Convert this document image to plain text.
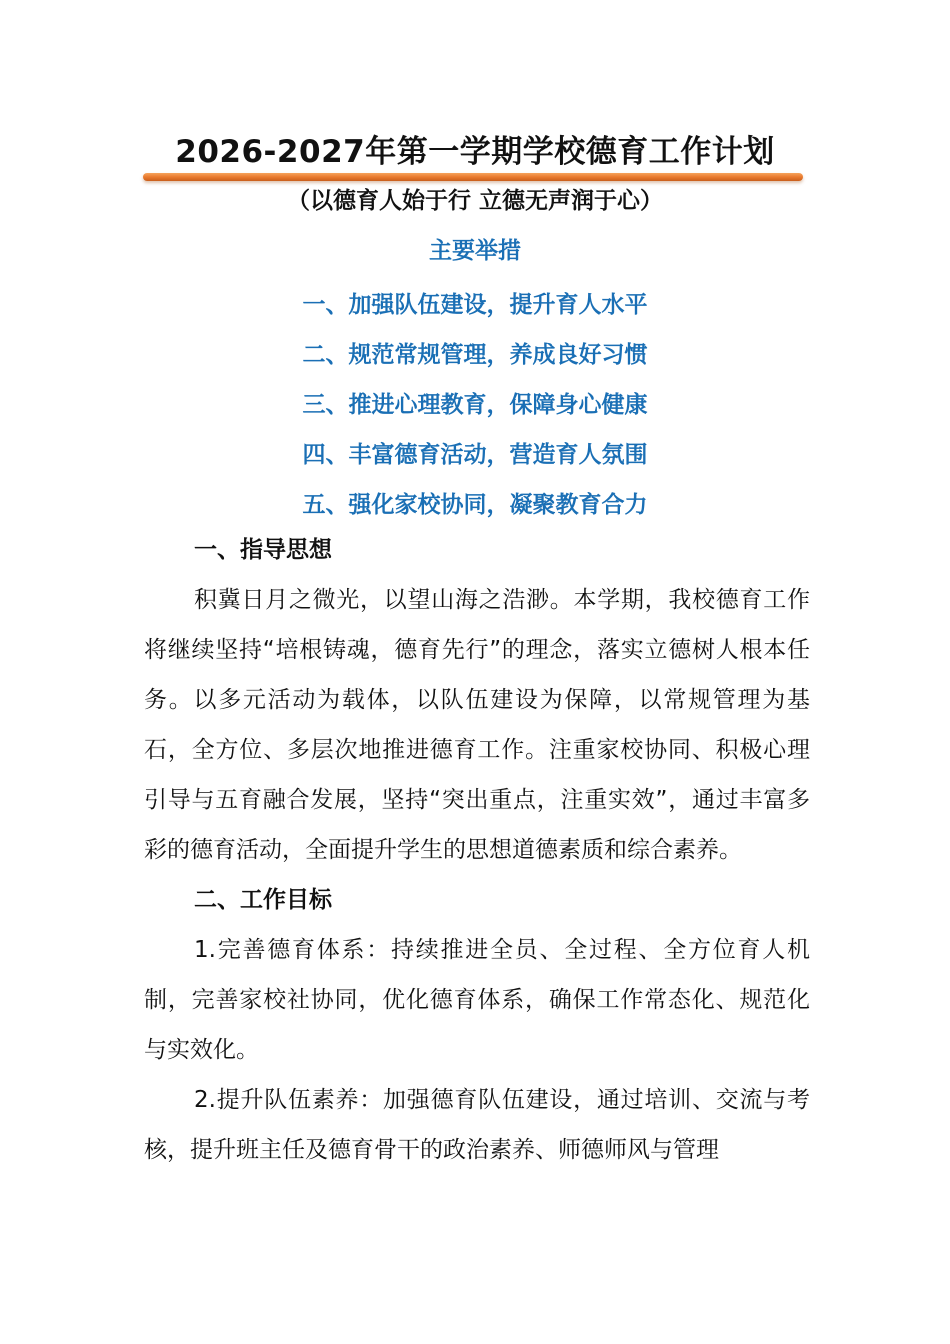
2026-2027年第一学期学校德育工作计划
（以德育人始于行 立德无声润于心）
主要举措
一、加强队伍建设，提升育人水平
二、规范常规管理，养成良好习惯
三、推进心理教育，保障身心健康
四、丰富德育活动，营造育人氛围
五、强化家校协同，凝聚教育合力
一、指导思想

积冀日月之微光，以望山海之浩渺。本学期，我校德育工作将继续坚持“培根铸魂，德育先行”的理念，落实立德树人根本任务。以多元活动为载体，以队伍建设为保障，以常规管理为基石，全方位、多层次地推进德育工作。注重家校协同、积极心理引导与五育融合发展，坚持“突出重点，注重实效”，通过丰富多彩的德育活动，全面提升学生的思想道德素质和综合素养。

二、工作目标

1.完善德育体系：持续推进全员、全过程、全方位育人机制，完善家校社协同，优化德育体系，确保工作常态化、规范化与实效化。

2.提升队伍素养：加强德育队伍建设，通过培训、交流与考核，提升班主任及德育骨干的政治素养、师德师风与管理
